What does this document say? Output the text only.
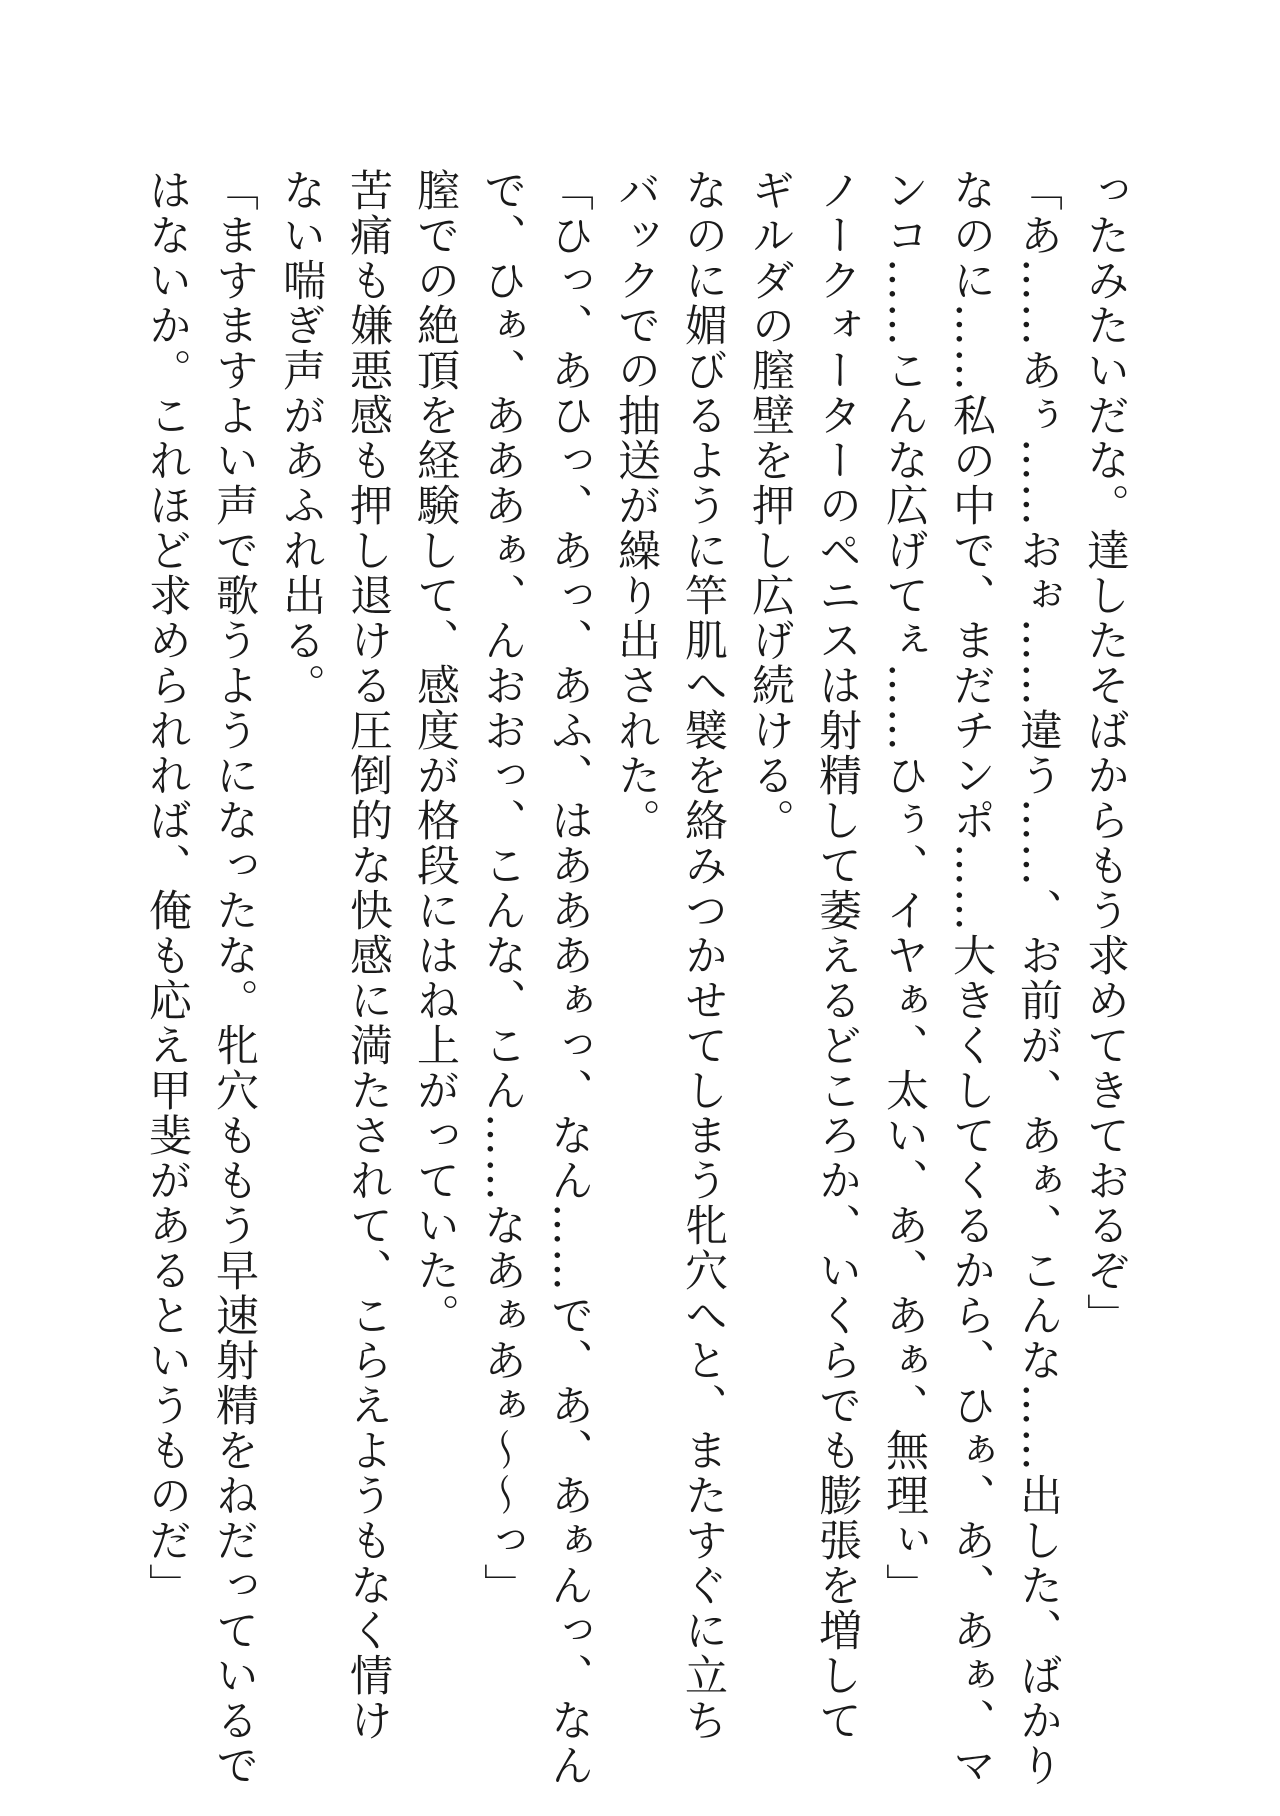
ったみたいだな。達したそばからもう求めてきておるぞ」
「あ……あぅ……おぉ……違う……、お前が、あぁ、こんな……出した、ばかり
なのに……私の中で、まだチンポ……大きくしてくるから、ひぁ、あ、あぁ、マ
ンコ……こんな広げてぇ……ひぅ、イヤぁ、太い、あ、あぁ、無理ぃ」
ノークォーターのペニスは射精して萎えるどころか、いくらでも膨張を増して
ギルダの膣壁を押し広げ続ける。
なのに媚びるように竿肌へ襞を絡みつかせてしまう牝穴へと、またすぐに立ち
バックでの抽送が繰り出された。
「ひっ、あひっ、あっ、あふ、はあああぁっ、なん……で、あ、あぁんっ、なん
で、ひぁ、あああぁ、んおおっ、こんな、こん……なあぁあぁ～～っ」
膣での絶頂を経験して、感度が格段にはね上がっていた。
苦痛も嫌悪感も押し退ける圧倒的な快感に満たされて、こらえようもなく情け
ない喘ぎ声があふれ出る。
「ますますよい声で歌うようになったな。牝穴ももう早速射精をねだっているで
はないか。これほど求められれば、俺も応え甲斐があるというものだ」
